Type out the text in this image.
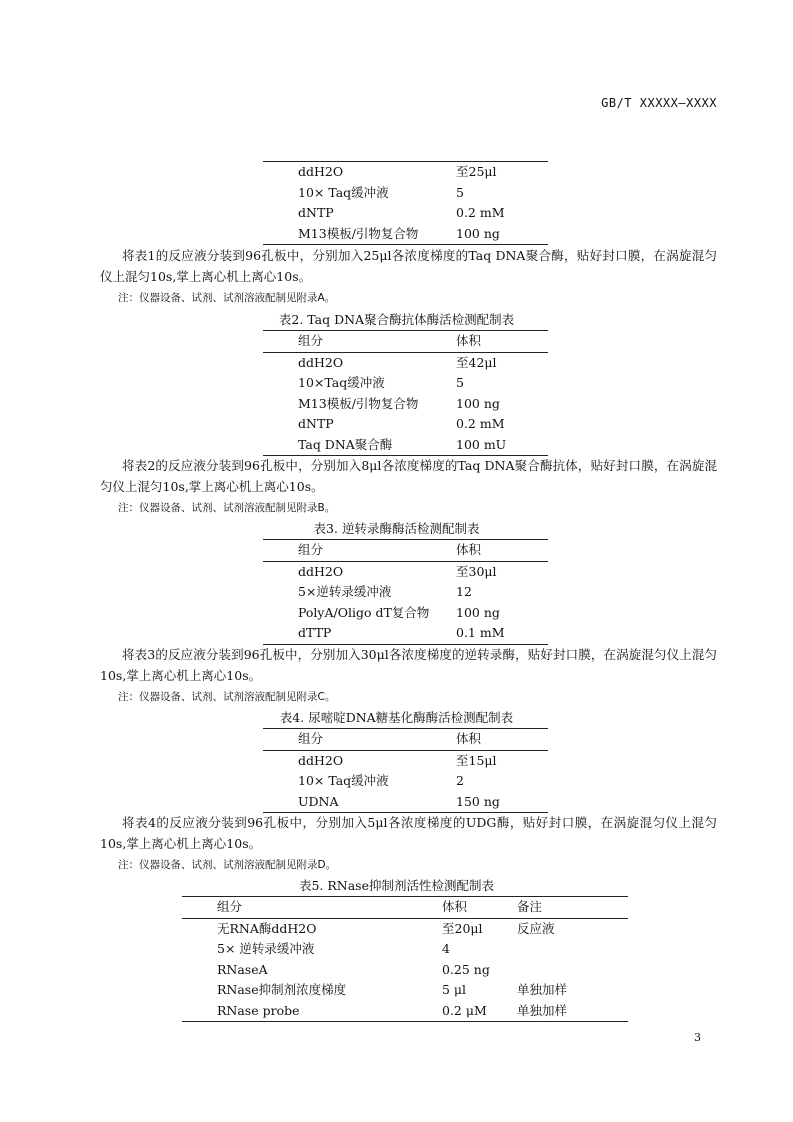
GB/T XXXXX—XXXX
ddH2O	至25μl
10× Taq缓冲液	5
dNTP	0.2 mM
M13模板/引物复合物	100 ng

将表1的反应液分装到96孔板中，分别加入25μl各浓度梯度的Taq DNA聚合酶，贴好封口膜，在涡旋混匀仪上混匀10s,掌上离心机上离心10s。

注：仪器设备、试剂、试剂溶液配制见附录A。
表2. Taq DNA聚合酶抗体酶活检测配制表
组分	体积
ddH2O	至42μl
10×Taq缓冲液	5
M13模板/引物复合物	100 ng
dNTP	0.2 mM
Taq DNA聚合酶	100 mU

将表2的反应液分装到96孔板中，分别加入8μl各浓度梯度的Taq DNA聚合酶抗体，贴好封口膜，在涡旋混匀仪上混匀10s,掌上离心机上离心10s。

注：仪器设备、试剂、试剂溶液配制见附录B。
表3. 逆转录酶酶活检测配制表
组分	体积
ddH2O	至30μl
5×逆转录缓冲液	12
PolyA/Oligo dT复合物	100 ng
dTTP	0.1 mM

将表3的反应液分装到96孔板中，分别加入30μl各浓度梯度的逆转录酶，贴好封口膜，在涡旋混匀仪上混匀10s,掌上离心机上离心10s。

注：仪器设备、试剂、试剂溶液配制见附录C。
表4. 尿嘧啶DNA糖基化酶酶活检测配制表
组分	体积
ddH2O	至15μl
10× Taq缓冲液	2
UDNA	150 ng

将表4的反应液分装到96孔板中，分别加入5μl各浓度梯度的UDG酶，贴好封口膜，在涡旋混匀仪上混匀10s,掌上离心机上离心10s。

注：仪器设备、试剂、试剂溶液配制见附录D。
表5. RNase抑制剂活性检测配制表
组分	体积	备注
无RNA酶ddH2O	至20μl	反应液
5× 逆转录缓冲液	4	
RNaseA	0.25 ng	
RNase抑制剂浓度梯度	5 μl	单独加样
RNase probe	0.2 μM	单独加样
3
